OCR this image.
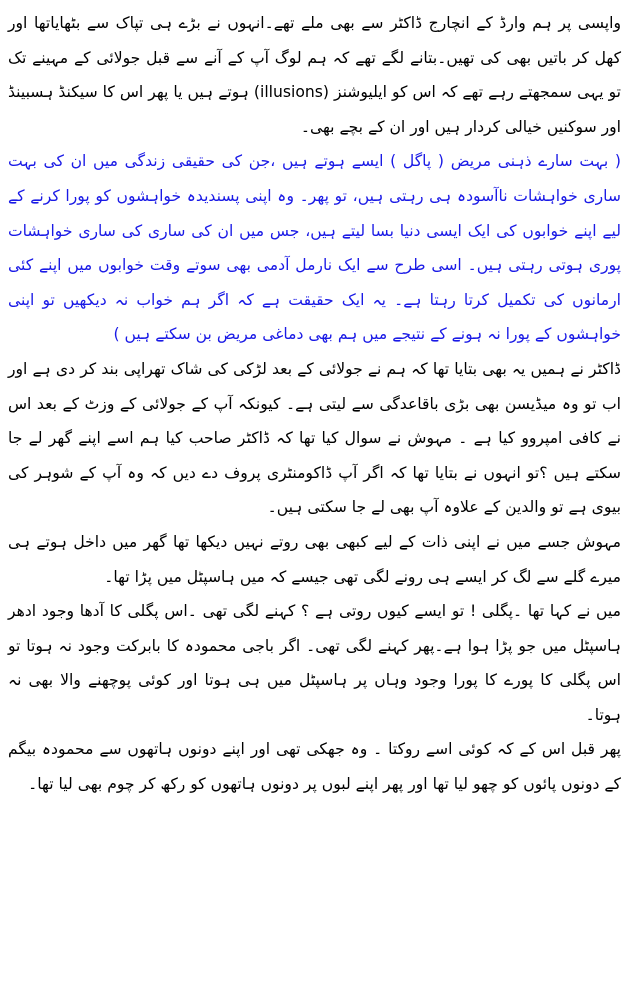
واپسی پر ہم وارڈ کے انچارج ڈاکٹر سے بھی ملے تھے۔انہوں نے بڑے ہی تپاک سے بٹھایاتھا اور کھل کر باتیں بھی کی تھیں۔بتانے لگے تھے کہ ہم لوگ آپ کے آنے سے قبل جولائی کے مہینے تک تو یہی سمجھتے رہے تھے کہ اس کو ایلیوشنز (illusions) ہوتے ہیں یا پھر اس کا سیکنڈ ہسبینڈ اور سوکنیں خیالی کردار ہیں اور ان کے بچے بھی۔

( بہت سارے ذہنی مریض ( پاگل ) ایسے ہوتے ہیں ،جن کی حقیقی زندگی میں ان کی بہت ساری خواہشات ناآسودہ ہی رہتی ہیں، تو پھر۔ وہ اپنی پسندیدہ خواہشوں کو پورا کرنے کے لیے اپنے خوابوں کی ایک ایسی دنیا بسا لیتے ہیں، جس میں ان کی ساری کی ساری خواہشات پوری ہوتی رہتی ہیں۔ اسی طرح سے ایک نارمل آدمی بھی سوتے وقت خوابوں میں اپنے کئی ارمانوں کی تکمیل کرتا رہتا ہے۔ یہ ایک حقیقت ہے کہ اگر ہم خواب نہ دیکھیں تو اپنی خواہشوں کے پورا نہ ہونے کے نتیجے میں ہم بھی دماغی مریض بن سکتے ہیں )

ڈاکٹر نے ہمیں یہ بھی بتایا تھا کہ ہم نے جولائی کے بعد لڑکی کی شاک تھراپی بند کر دی ہے اور اب تو وہ میڈیسن بھی بڑی باقاعدگی سے لیتی ہے۔ کیونکہ آپ کے جولائی کے وزٹ کے بعد اس نے کافی امپروو کیا ہے ۔ مہوش نے سوال کیا تھا کہ ڈاکٹر صاحب کیا ہم اسے اپنے گھر لے جا سکتے ہیں ؟تو انہوں نے بتایا تھا کہ اگر آپ ڈاکومنٹری پروف دے دیں کہ وہ آپ کے شوہر کی بیوی ہے تو والدین کے علاوہ آپ بھی لے جا سکتی ہیں۔

مہوش جسے میں نے اپنی ذات کے لیے کبھی بھی روتے نہیں دیکھا تھا گھر میں داخل ہوتے ہی میرے گلے سے لگ کر ایسے ہی رونے لگی تھی جیسے کہ میں ہاسپٹل میں پڑا تھا۔

میں نے کہا تھا ۔پگلی ! تو ایسے کیوں روتی ہے ؟ کہنے لگی تھی ۔اس پگلی کا آدھا وجود ادھر ہاسپٹل میں جو پڑا ہوا ہے۔پھر کہنے لگی تھی۔ اگر باجی محمودہ کا بابرکت وجود نہ ہوتا تو اس پگلی کا پورے کا پورا وجود وہاں پر ہاسپٹل میں ہی ہوتا اور کوئی پوچھنے والا بھی نہ ہوتا۔

پھر قبل اس کے کہ کوئی اسے روکتا ۔ وہ جھکی تھی اور اپنے دونوں ہاتھوں سے محمودہ بیگم کے دونوں پائوں کو چھو لیا تھا اور پھر اپنے لبوں پر دونوں ہاتھوں کو رکھ کر چوم بھی لیا تھا۔
